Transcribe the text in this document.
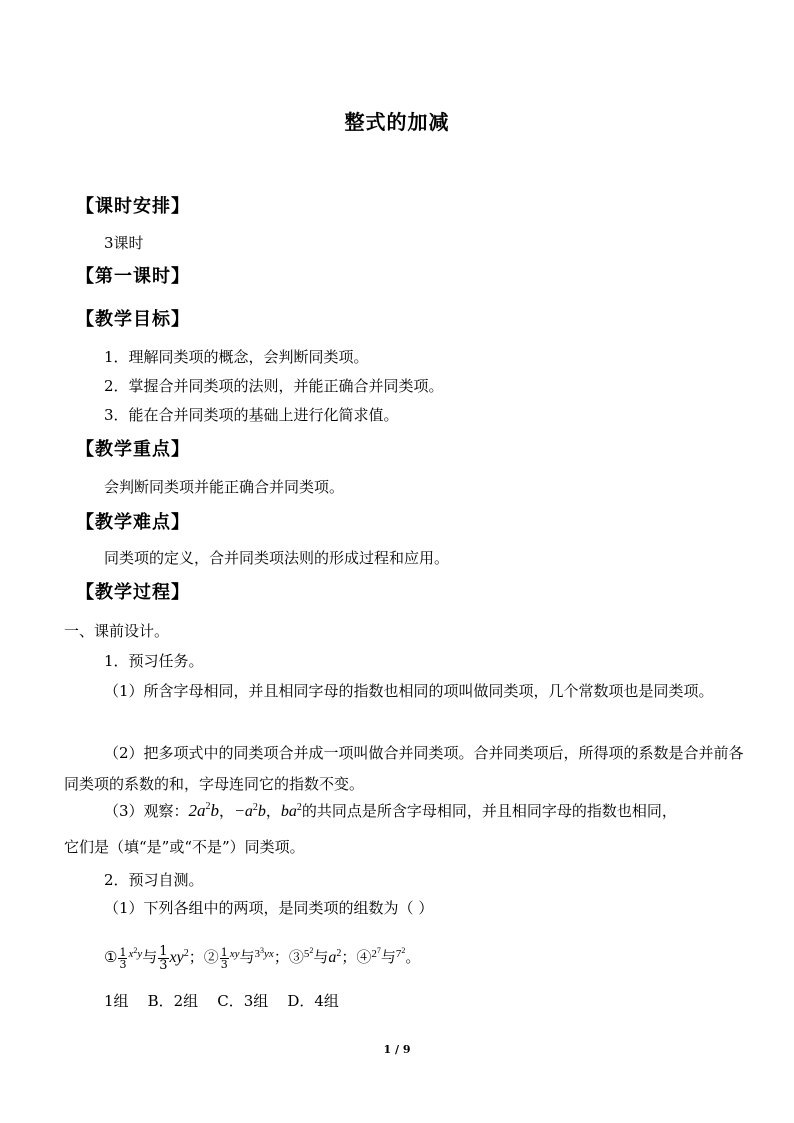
整式的加减
【课时安排】
3课时
【第一课时】
【教学目标】
1．理解同类项的概念，会判断同类项。
2．掌握合并同类项的法则，并能正确合并同类项。
3．能在合并同类项的基础上进行化简求值。
【教学重点】
会判断同类项并能正确合并同类项。
【教学难点】
同类项的定义，合并同类项法则的形成过程和应用。
【教学过程】
一、课前设计。
1．预习任务。
（1）所含字母相同，并且相同字母的指数也相同的项叫做同类项，几个常数项也是同类项。
（2）把多项式中的同类项合并成一项叫做合并同类项。合并同类项后，所得项的系数是合并前各同类项的系数的和，字母连同它的指数不变。
（3）观察：$2a^2b$，$-a^2b$，$ba^2$的共同点是所含字母相同，并且相同字母的指数也相同，
它们是（填“是”或“不是”）同类项。
2．预习自测。
（1）下列各组中的两项，是同类项的组数为（ ）
① $\frac{1}{3} ^{x^2y}$与 $\frac{1}{3} xy^2$；② $\frac{1}{3} ^{xy}$与$^{3^3yx}$；③$^{5^2}$与$a^2$；④$^{2^7}$与$^{7^2}$。
1组    B．2组    C．3组    D．4组
1 / 9
